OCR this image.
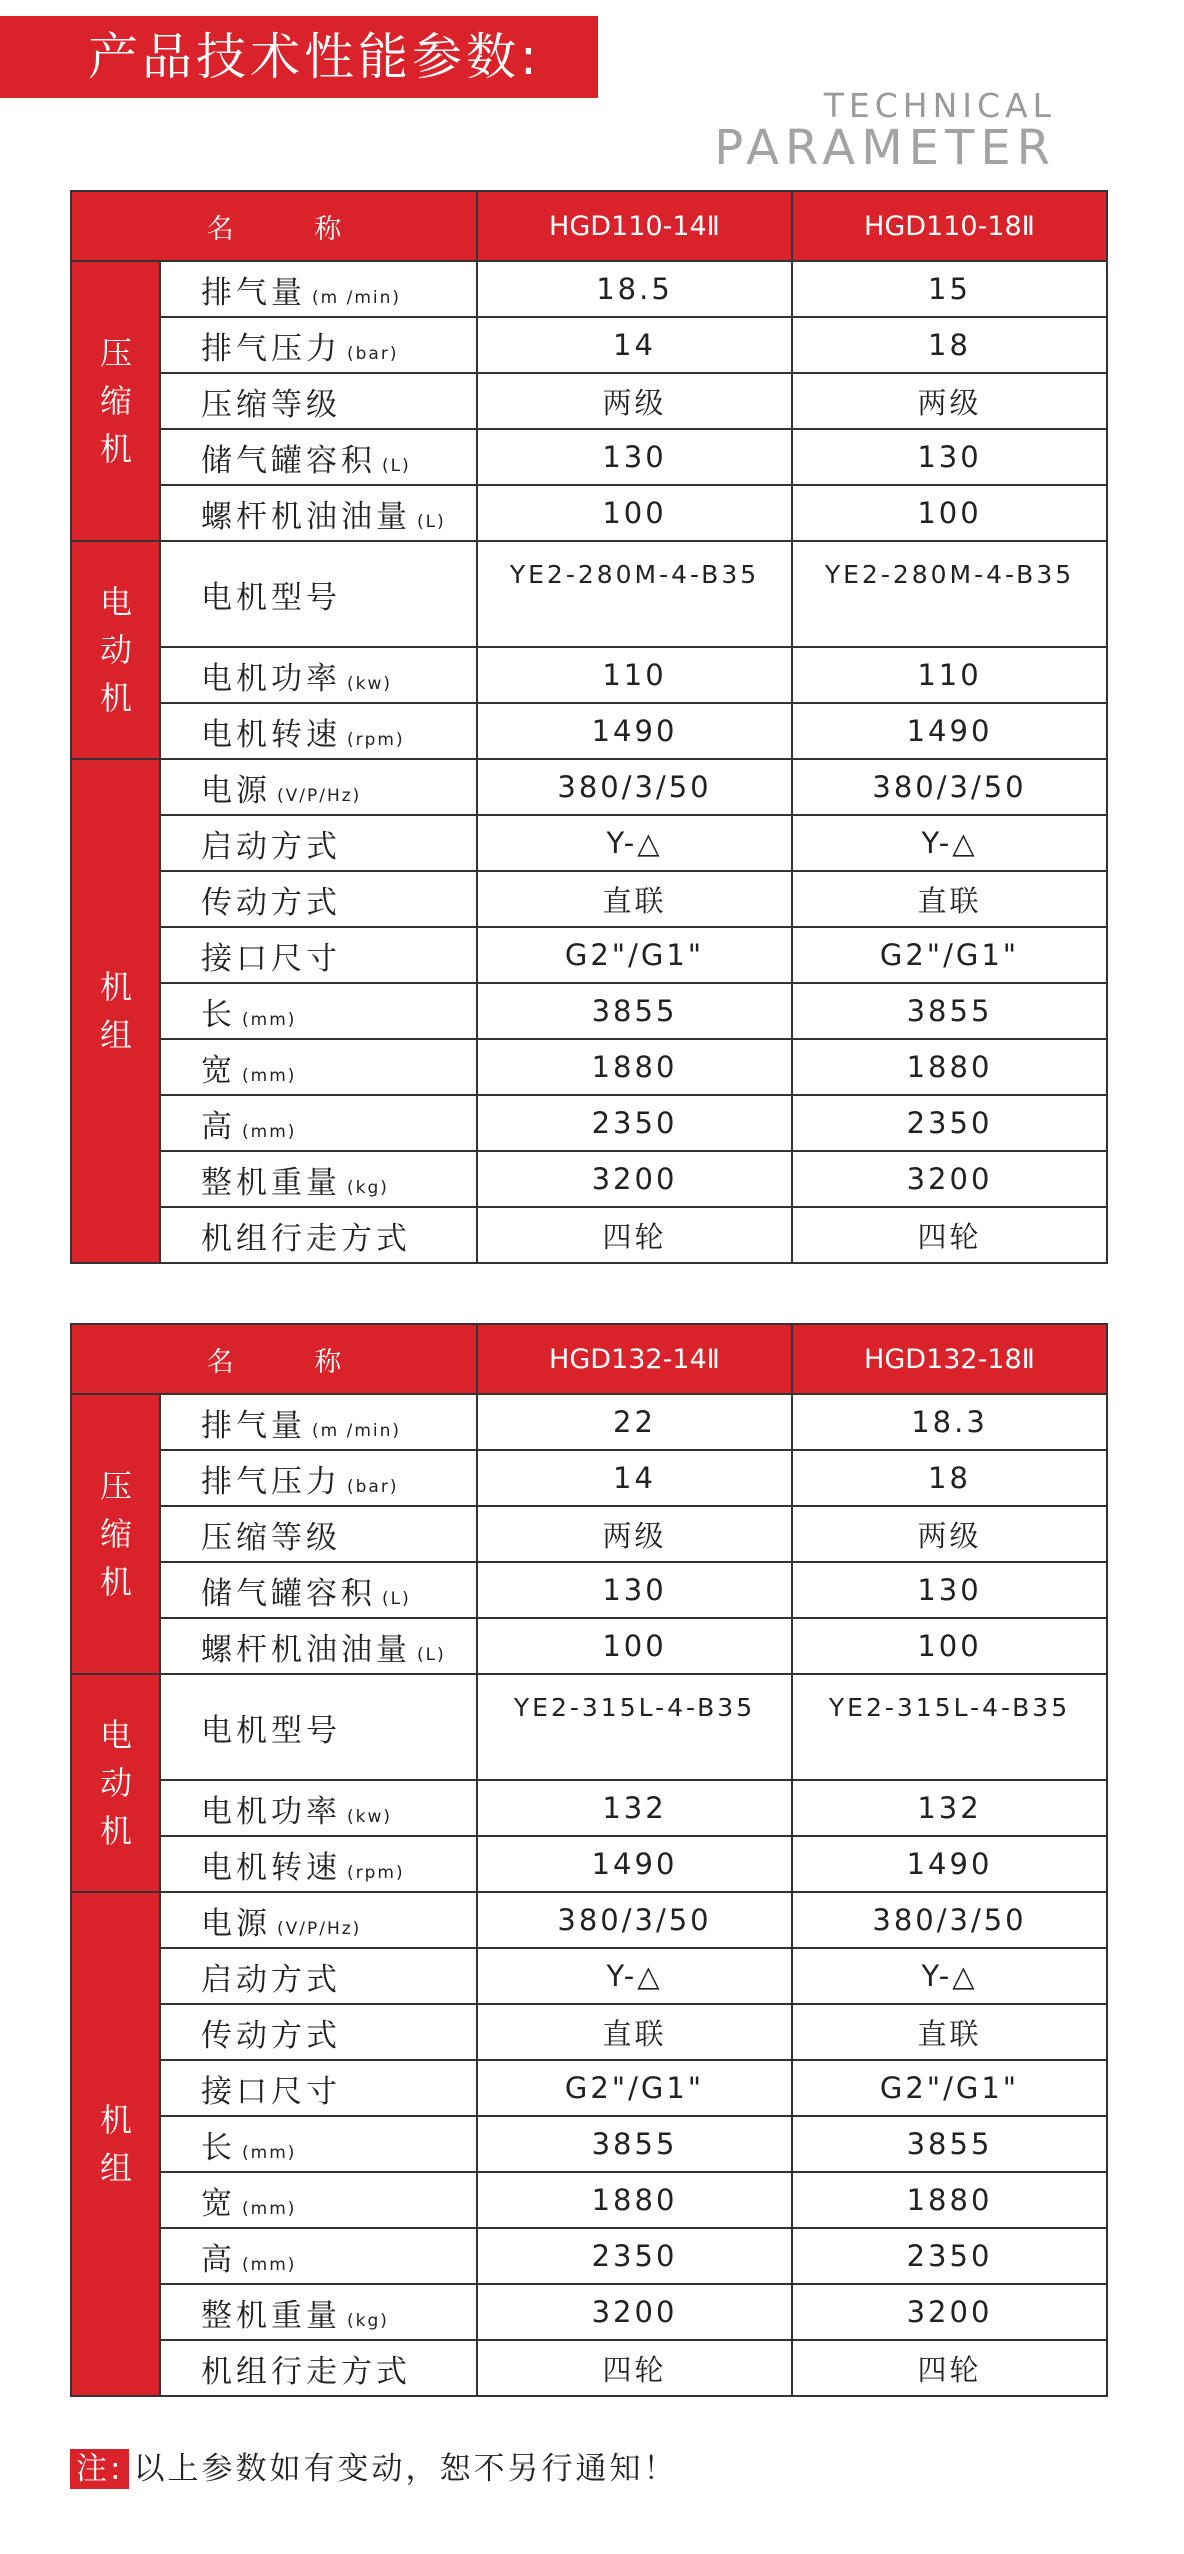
产品技术性能参数:
TECHNICAL
PARAMETER
名 称		HGD110-14Ⅱ	HGD110-18Ⅱ
压缩机	排气量 (m /min)	18.5	15
	排气压力 (bar)	14	18
	压缩等级	两级	两级
	储气罐容积 (L)	130	130
	螺杆机油油量 (L)	100	100
电动机	电机型号	YE2-280M-4-B35	YE2-280M-4-B35
	电机功率 (kw)	110	110
	电机转速 (rpm)	1490	1490
机组	电源 (V/P/Hz)	380/3/50	380/3/50
	启动方式	Y-△	Y-△
	传动方式	直联	直联
	接口尺寸	G2"/G1"	G2"/G1"
	长 (mm)	3855	3855
	宽 (mm)	1880	1880
	高 (mm)	2350	2350
	整机重量 (kg)	3200	3200
	机组行走方式	四轮	四轮
名 称		HGD132-14Ⅱ	HGD132-18Ⅱ
压缩机	排气量 (m /min)	22	18.3
	排气压力 (bar)	14	18
	压缩等级	两级	两级
	储气罐容积 (L)	130	130
	螺杆机油油量 (L)	100	100
电动机	电机型号	YE2-315L-4-B35	YE2-315L-4-B35
	电机功率 (kw)	132	132
	电机转速 (rpm)	1490	1490
机组	电源 (V/P/Hz)	380/3/50	380/3/50
	启动方式	Y-△	Y-△
	传动方式	直联	直联
	接口尺寸	G2"/G1"	G2"/G1"
	长 (mm)	3855	3855
	宽 (mm)	1880	1880
	高 (mm)	2350	2350
	整机重量 (kg)	3200	3200
	机组行走方式	四轮	四轮
注: 以上参数如有变动，恕不另行通知！
